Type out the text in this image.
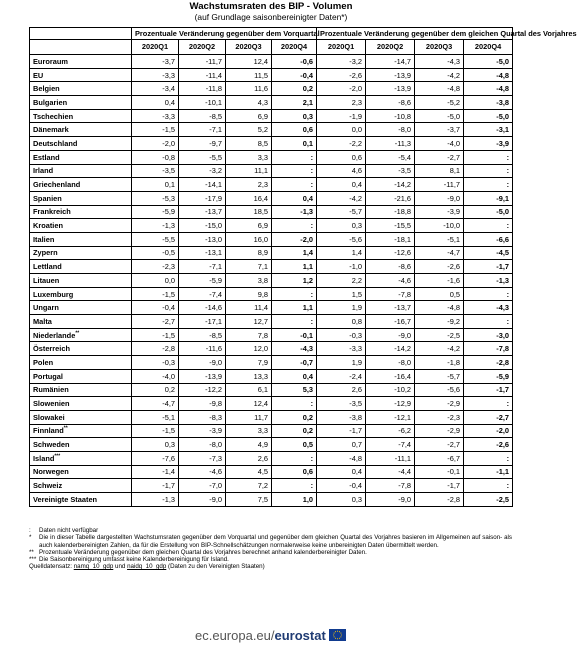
Wachstumsraten des BIP - Volumen
(auf Grundlage saisonbereinigter Daten*)
	Prozentuale Veränderung gegenüber dem Vorquartal				Prozentuale Veränderung gegenüber dem gleichen Quartal des Vorjahres			
	2020Q1	2020Q2	2020Q3	2020Q4	2020Q1	2020Q2	2020Q3	2020Q4
Euroraum	-3,7	-11,7	12,4	-0,6	-3,2	-14,7	-4,3	-5,0
EU	-3,3	-11,4	11,5	-0,4	-2,6	-13,9	-4,2	-4,8
Belgien	-3,4	-11,8	11,6	0,2	-2,0	-13,9	-4,8	-4,8
Bulgarien	0,4	-10,1	4,3	2,1	2,3	-8,6	-5,2	-3,8
Tschechien	-3,3	-8,5	6,9	0,3	-1,9	-10,8	-5,0	-5,0
Dänemark	-1,5	-7,1	5,2	0,6	0,0	-8,0	-3,7	-3,1
Deutschland	-2,0	-9,7	8,5	0,1	-2,2	-11,3	-4,0	-3,9
Estland	-0,8	-5,5	3,3	:	0,6	-5,4	-2,7	:
Irland	-3,5	-3,2	11,1	:	4,6	-3,5	8,1	:
Griechenland	0,1	-14,1	2,3	:	0,4	-14,2	-11,7	:
Spanien	-5,3	-17,9	16,4	0,4	-4,2	-21,6	-9,0	-9,1
Frankreich	-5,9	-13,7	18,5	-1,3	-5,7	-18,8	-3,9	-5,0
Kroatien	-1,3	-15,0	6,9	:	0,3	-15,5	-10,0	:
Italien	-5,5	-13,0	16,0	-2,0	-5,6	-18,1	-5,1	-6,6
Zypern	-0,5	-13,1	8,9	1,4	1,4	-12,6	-4,7	-4,5
Lettland	-2,3	-7,1	7,1	1,1	-1,0	-8,6	-2,6	-1,7
Litauen	0,0	-5,9	3,8	1,2	2,2	-4,6	-1,6	-1,3
Luxemburg	-1,5	-7,4	9,8	:	1,5	-7,8	0,5	:
Ungarn	-0,4	-14,6	11,4	1,1	1,9	-13,7	-4,8	-4,3
Malta	-2,7	-17,1	12,7	:	0,8	-16,7	-9,2	:
Niederlande**	-1,5	-8,5	7,8	-0,1	-0,3	-9,0	-2,5	-3,0
Österreich	-2,8	-11,6	12,0	-4,3	-3,3	-14,2	-4,2	-7,8
Polen	-0,3	-9,0	7,9	-0,7	1,9	-8,0	-1,8	-2,8
Portugal	-4,0	-13,9	13,3	0,4	-2,4	-16,4	-5,7	-5,9
Rumänien	0,2	-12,2	6,1	5,3	2,6	-10,2	-5,6	-1,7
Slowenien	-4,7	-9,8	12,4	:	-3,5	-12,9	-2,9	:
Slowakei	-5,1	-8,3	11,7	0,2	-3,8	-12,1	-2,3	-2,7
Finnland**	-1,5	-3,9	3,3	0,2	-1,7	-6,2	-2,9	-2,0
Schweden	0,3	-8,0	4,9	0,5	0,7	-7,4	-2,7	-2,6
Island***	-7,6	-7,3	2,6	:	-4,8	-11,1	-6,7	:
Norwegen	-1,4	-4,6	4,5	0,6	0,4	-4,4	-0,1	-1,1
Schweiz	-1,7	-7,0	7,2	:	-0,4	-7,8	-1,7	:
Vereinigte Staaten	-1,3	-9,0	7,5	1,0	0,3	-9,0	-2,8	-2,5
:	Daten nicht verfügbar
*	Die in dieser Tabelle dargestellten Wachstumsraten gegenüber dem Vorquartal und gegenüber dem gleichen Quartal des Vorjahres basieren im Allgemeinen auf saison- als auch kalenderbereinigten Zahlen, da für die Erstellung von BIP-Schnellschätzungen normalerweise keine unbereinigten Daten übermittelt werden.
** Prozentuale Veränderung gegenüber dem gleichen Quartal des Vorjahres berechnet anhand kalenderbereinigter Daten.
*** Die Saisonbereinigung umfasst keine Kalenderbereinigung für Island.
Quelldatensatz: namq_10_gdp und naidq_10_gdp (Daten zu den Vereinigten Staaten)
ec.europa.eu/ eurostat
